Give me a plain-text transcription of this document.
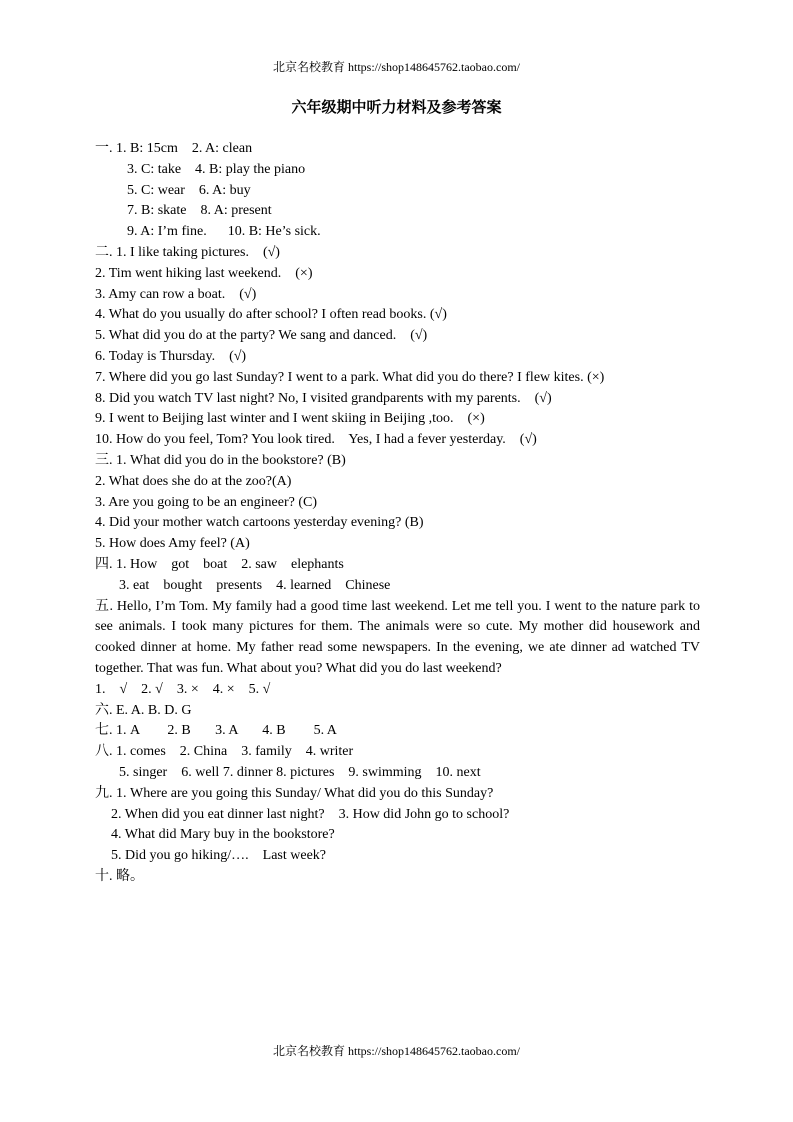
北京名校教育 https://shop148645762.taobao.com/
六年级期中听力材料及参考答案
一. 1. B: 15cm    2. A: clean
3. C: take    4. B: play the piano
5. C: wear    6. A: buy
7. B: skate    8. A: present
9. A: I’m fine.      10. B: He’s sick.
二. 1. I like taking pictures.    (√)
2. Tim went hiking last weekend.    (×)
3. Amy can row a boat.    (√)
4. What do you usually do after school? I often read books. (√)
5. What did you do at the party? We sang and danced.    (√)
6. Today is Thursday.    (√)
7. Where did you go last Sunday? I went to a park. What did you do there? I flew kites. (×)
8. Did you watch TV last night? No, I visited grandparents with my parents.    (√)
9. I went to Beijing last winter and I went skiing in Beijing ,too.    (×)
10. How do you feel, Tom? You look tired.    Yes, I had a fever yesterday.    (√)
三. 1. What did you do in the bookstore? (B)
2. What does she do at the zoo?(A)
3. Are you going to be an engineer? (C)
4. Did your mother watch cartoons yesterday evening? (B)
5. How does Amy feel? (A)
四. 1. How    got    boat    2. saw    elephants
3. eat    bought    presents    4. learned    Chinese
五. Hello, I’m Tom. My family had a good time last weekend. Let me tell you. I went to the nature park to see animals. I took many pictures for them. The animals were so cute. My mother did housework and cooked dinner at home. My father read some newspapers. In the evening, we ate dinner ad watched TV together. That was fun. What about you? What did you do last weekend?
1.    √    2. √    3. ×    4. ×    5. √
六. E. A. B. D. G
七. 1. A        2. B       3. A       4. B        5. A
八. 1. comes    2. China    3. family    4. writer
5. singer    6. well 7. dinner 8. pictures    9. swimming    10. next
九. 1. Where are you going this Sunday/ What did you do this Sunday?
2. When did you eat dinner last night?    3. How did John go to school?
4. What did Mary buy in the bookstore?
5. Did you go hiking/….    Last week?
十. 略。
北京名校教育 https://shop148645762.taobao.com/
